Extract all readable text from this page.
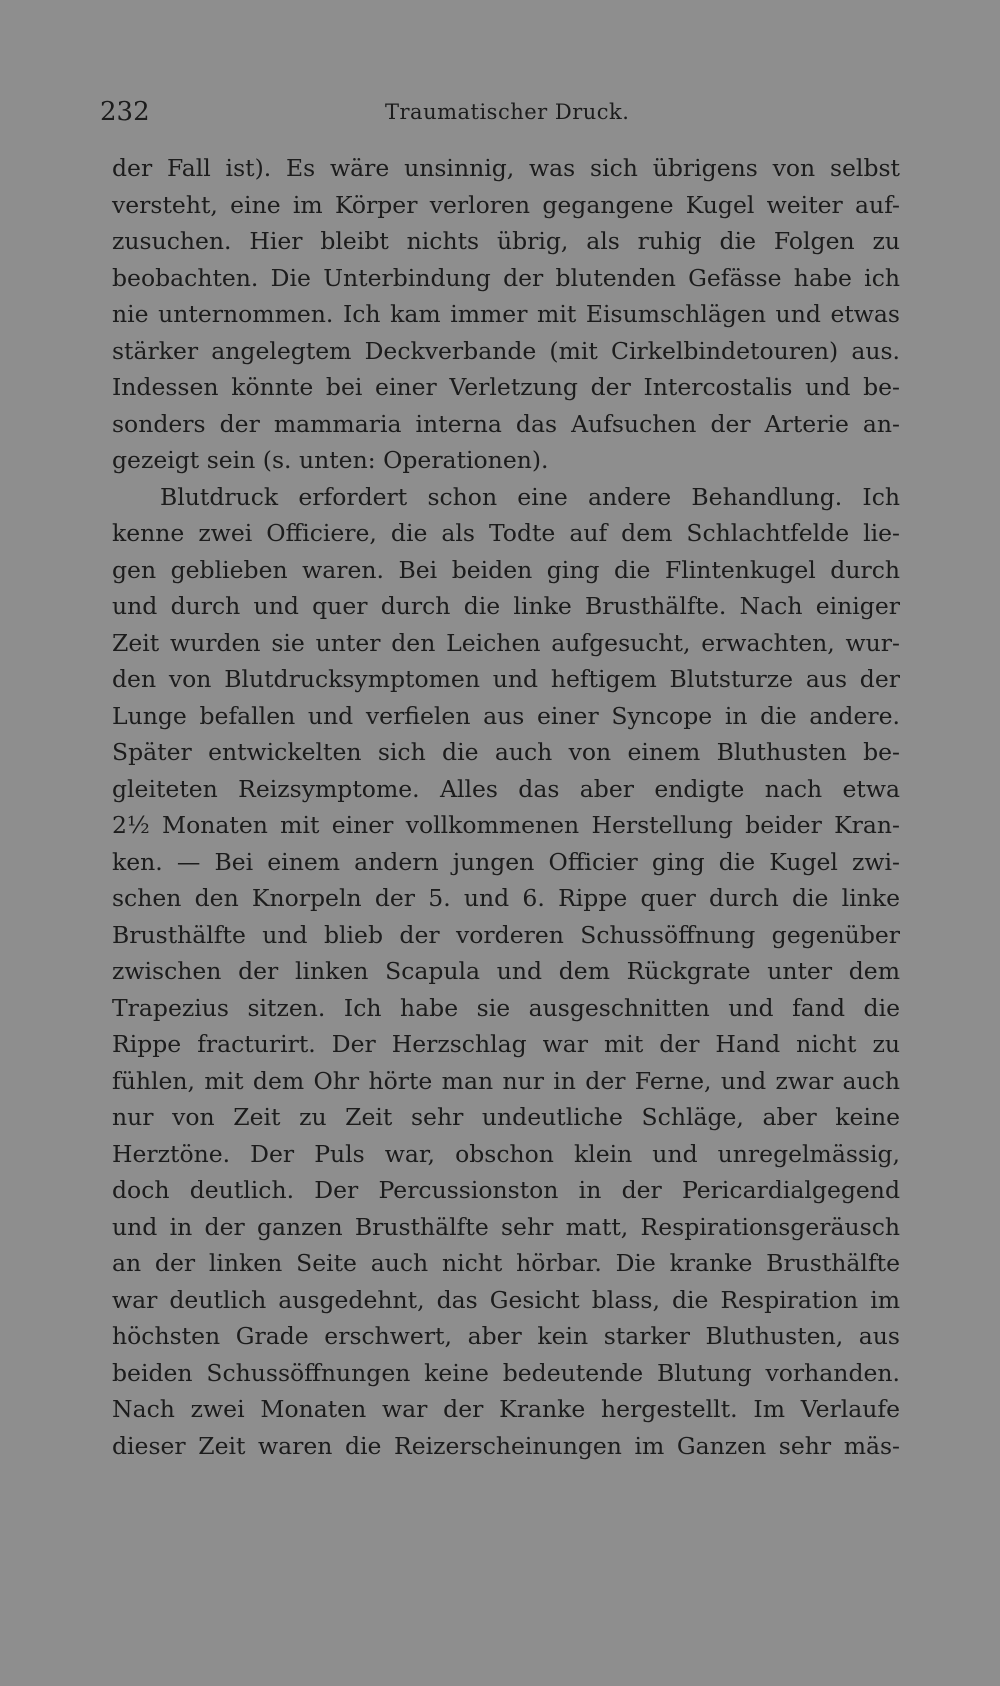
232	Traumatischer Druck.
der Fall ist). Es wäre unsinnig, was sich übrigens von selbst
versteht, eine im Körper verloren gegangene Kugel weiter auf-
zusuchen. Hier bleibt nichts übrig, als ruhig die Folgen zu
beobachten. Die Unterbindung der blutenden Gefässe habe ich
nie unternommen. Ich kam immer mit Eisumschlägen und etwas
stärker angelegtem Deckverbande (mit Cirkelbindetouren) aus.
Indessen könnte bei einer Verletzung der Intercostalis und be-
sonders der mammaria interna das Aufsuchen der Arterie an-
gezeigt sein (s. unten: Operationen).
Blutdruck erfordert schon eine andere Behandlung. Ich
kenne zwei Officiere, die als Todte auf dem Schlachtfelde lie-
gen geblieben waren. Bei beiden ging die Flintenkugel durch
und durch und quer durch die linke Brusthälfte. Nach einiger
Zeit wurden sie unter den Leichen aufgesucht, erwachten, wur-
den von Blutdrucksymptomen und heftigem Blutsturze aus der
Lunge befallen und verfielen aus einer Syncope in die andere.
Später entwickelten sich die auch von einem Bluthusten be-
gleiteten Reizsymptome. Alles das aber endigte nach etwa
2½ Monaten mit einer vollkommenen Herstellung beider Kran-
ken. — Bei einem andern jungen Officier ging die Kugel zwi-
schen den Knorpeln der 5. und 6. Rippe quer durch die linke
Brusthälfte und blieb der vorderen Schussöffnung gegenüber
zwischen der linken Scapula und dem Rückgrate unter dem
Trapezius sitzen. Ich habe sie ausgeschnitten und fand die
Rippe fracturirt. Der Herzschlag war mit der Hand nicht zu
fühlen, mit dem Ohr hörte man nur in der Ferne, und zwar auch
nur von Zeit zu Zeit sehr undeutliche Schläge, aber keine
Herztöne. Der Puls war, obschon klein und unregelmässig,
doch deutlich. Der Percussionston in der Pericardialgegend
und in der ganzen Brusthälfte sehr matt, Respirationsgeräusch
an der linken Seite auch nicht hörbar. Die kranke Brusthälfte
war deutlich ausgedehnt, das Gesicht blass, die Respiration im
höchsten Grade erschwert, aber kein starker Bluthusten, aus
beiden Schussöffnungen keine bedeutende Blutung vorhanden.
Nach zwei Monaten war der Kranke hergestellt. Im Verlaufe
dieser Zeit waren die Reizerscheinungen im Ganzen sehr mäs-
